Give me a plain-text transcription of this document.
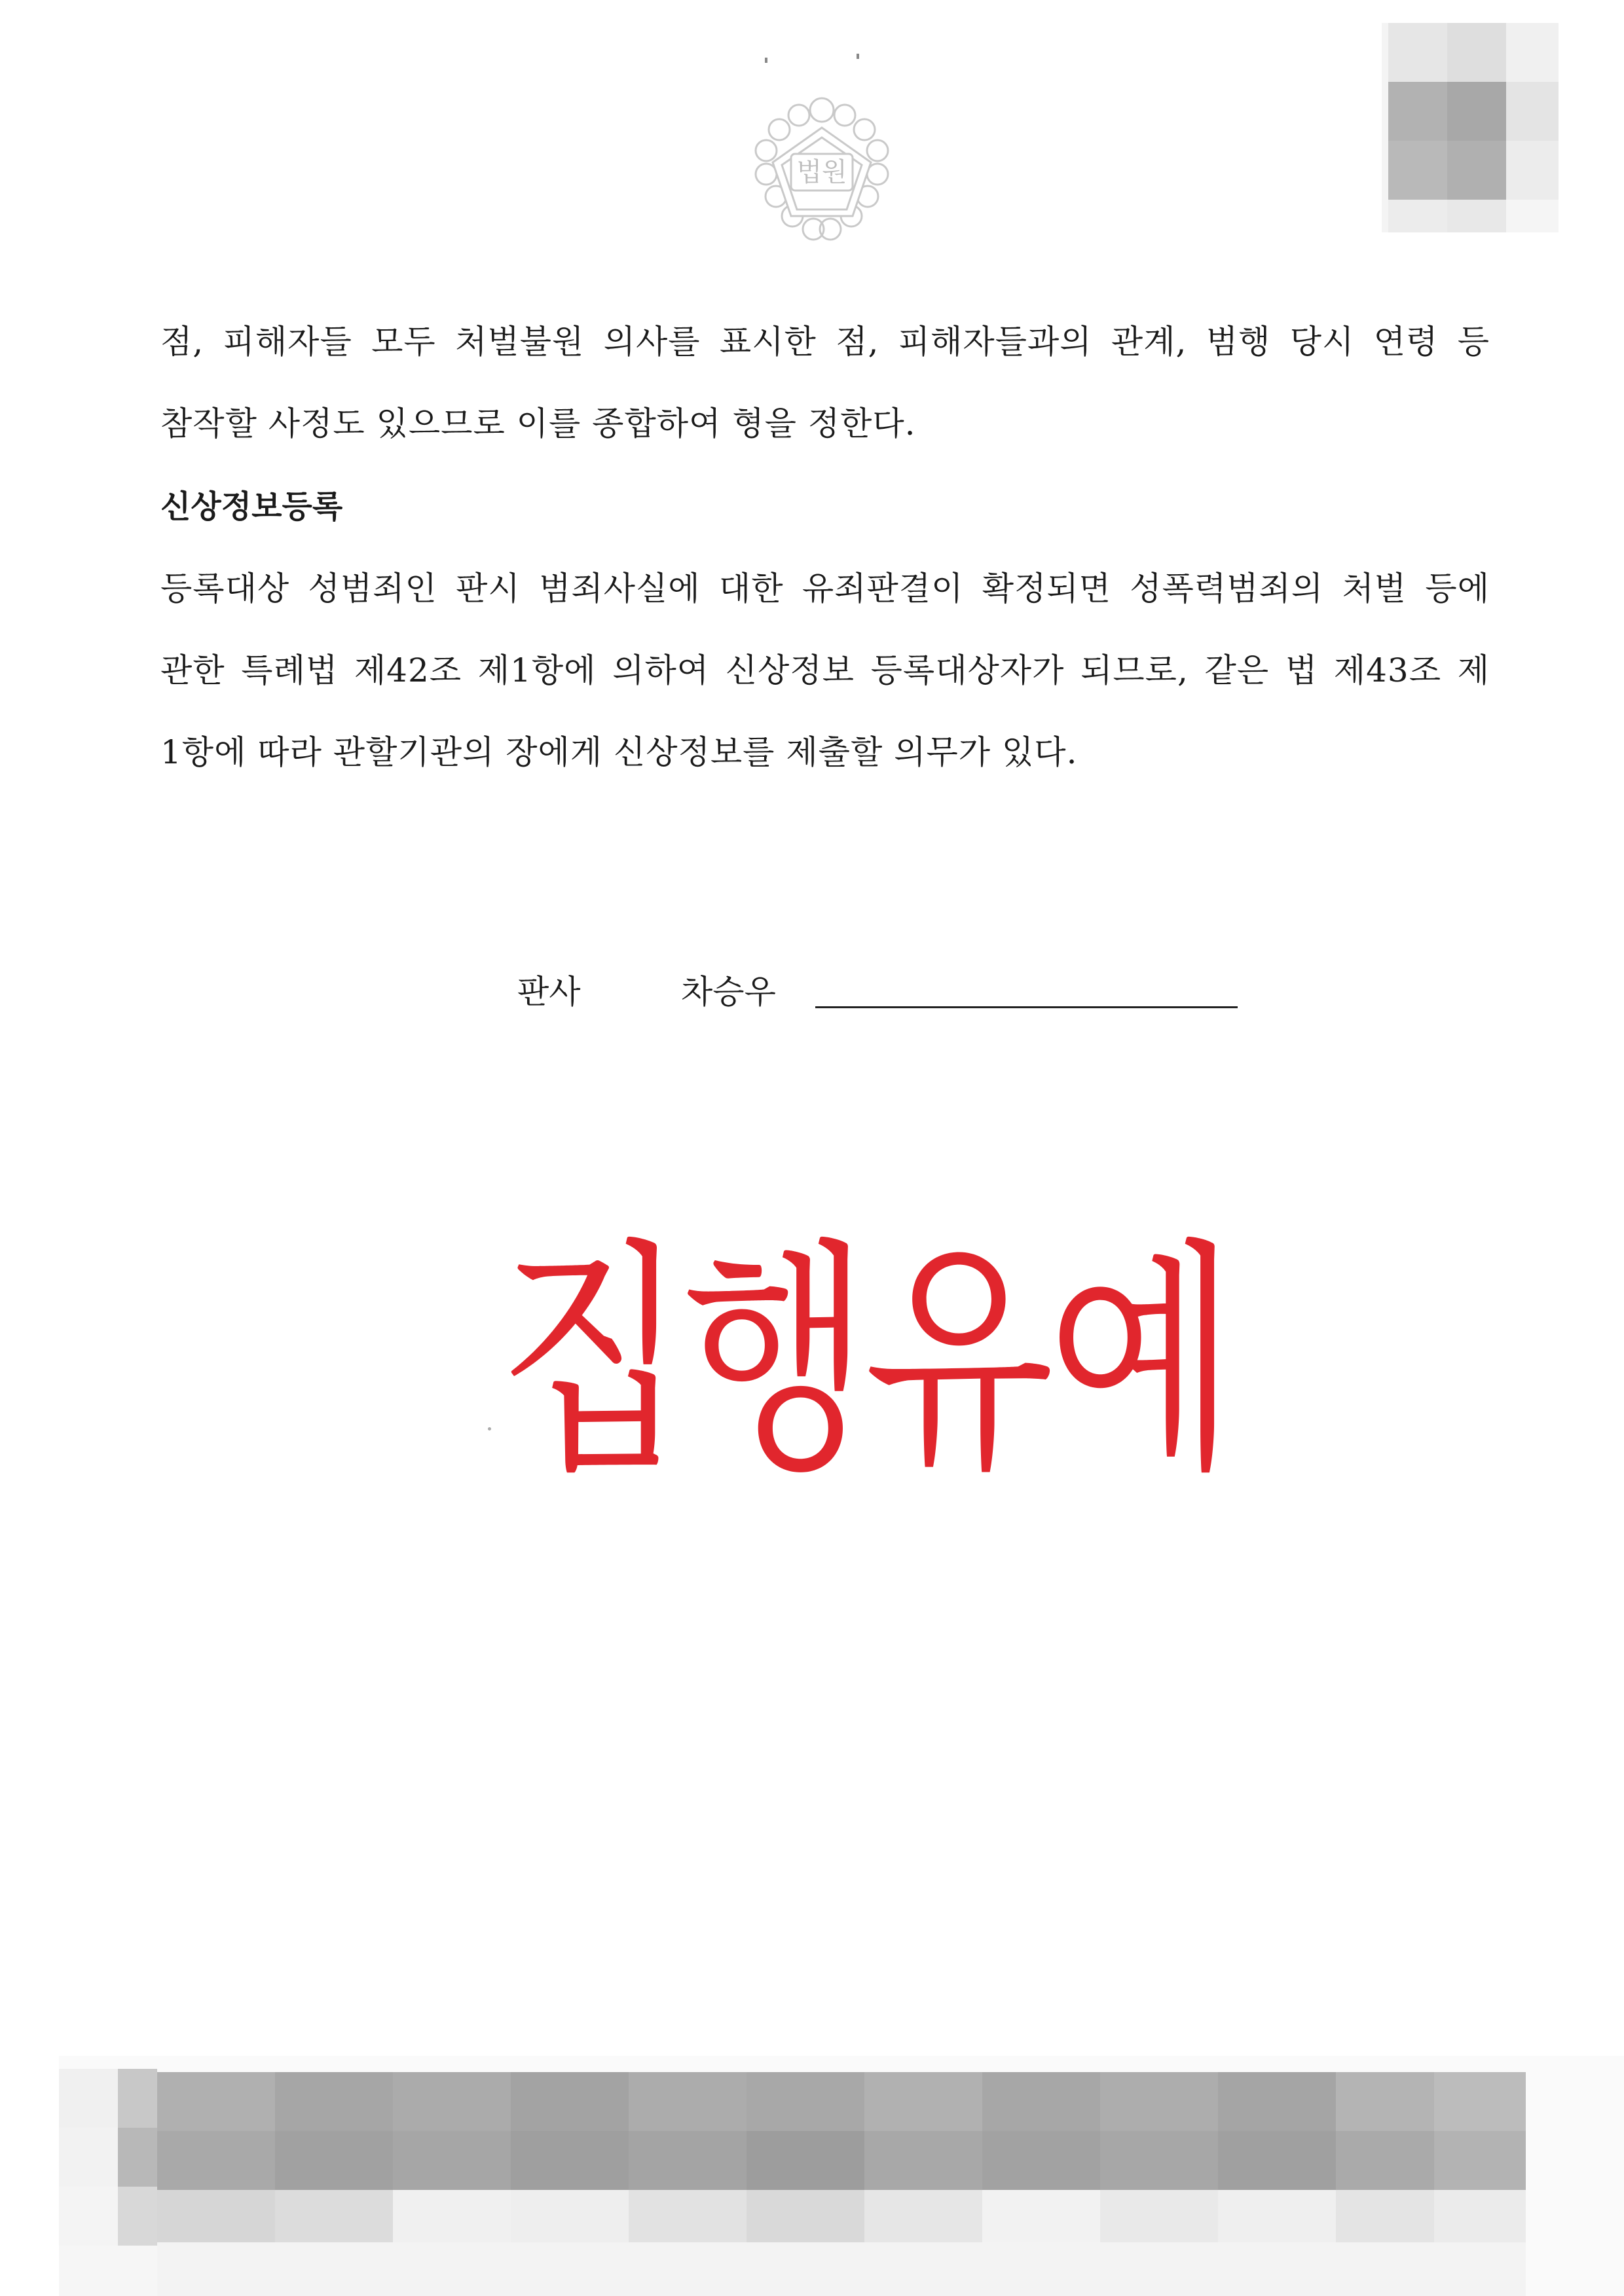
법원
점, 피해자들 모두 처벌불원 의사를 표시한 점, 피해자들과의 관계, 범행 당시 연령 등
참작할 사정도 있으므로 이를 종합하여 형을 정한다.
신상정보등록
등록대상 성범죄인 판시 범죄사실에 대한 유죄판결이 확정되면 성폭력범죄의 처벌 등에
관한 특례법 제42조 제1항에 의하여 신상정보 등록대상자가 되므로, 같은 법 제43조 제
1항에 따라 관할기관의 장에게 신상정보를 제출할 의무가 있다.
판사	차승우
집행유예
